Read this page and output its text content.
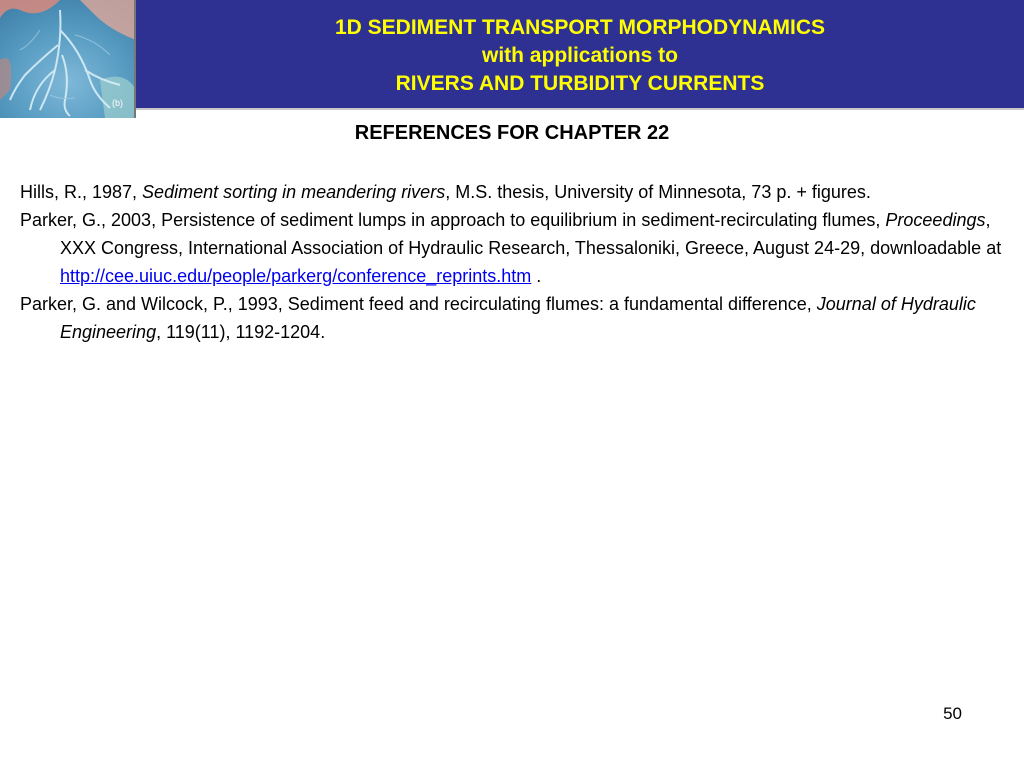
(b)
1D SEDIMENT TRANSPORT MORPHODYNAMICS
with applications to
RIVERS AND TURBIDITY CURRENTS
REFERENCES FOR CHAPTER 22

Hills, R., 1987, Sediment sorting in meandering rivers, M.S. thesis, University of Minnesota, 73 p. + figures.

Parker, G., 2003, Persistence of sediment lumps in approach to equilibrium in sediment-recirculating flumes, Proceedings, XXX Congress, International Association of Hydraulic Research, Thessaloniki, Greece, August 24-29, downloadable at
http://cee.uiuc.edu/people/parkerg/conference_reprints.htm .

Parker, G. and Wilcock, P., 1993, Sediment feed and recirculating flumes: a fundamental difference, Journal of Hydraulic Engineering, 119(11), 1192-1204.

50
